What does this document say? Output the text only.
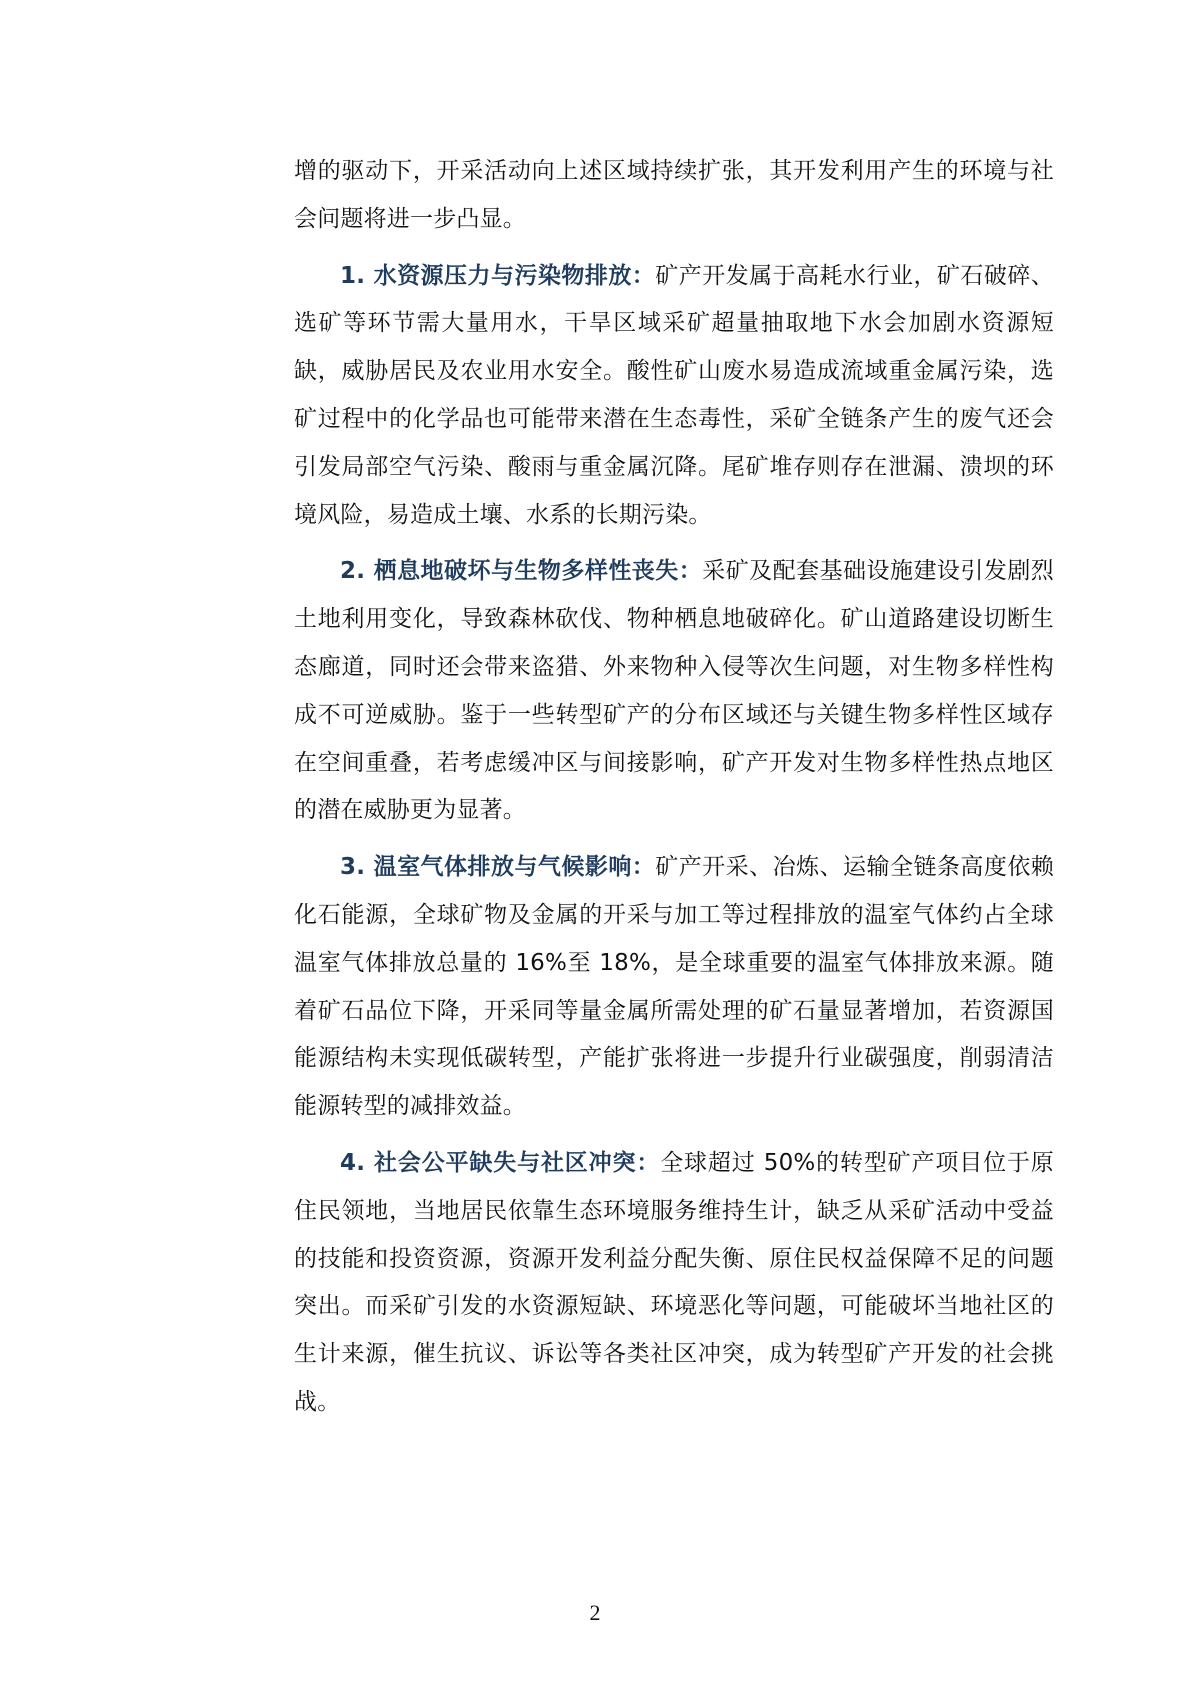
增的驱动下，开采活动向上述区域持续扩张，其开发利用产生的环境与社会问题将进一步凸显。

1. 水资源压力与污染物排放：矿产开发属于高耗水行业，矿石破碎、选矿等环节需大量用水，干旱区域采矿超量抽取地下水会加剧水资源短缺，威胁居民及农业用水安全。酸性矿山废水易造成流域重金属污染，选矿过程中的化学品也可能带来潜在生态毒性，采矿全链条产生的废气还会引发局部空气污染、酸雨与重金属沉降。尾矿堆存则存在泄漏、溃坝的环境风险，易造成土壤、水系的长期污染。

2. 栖息地破坏与生物多样性丧失：采矿及配套基础设施建设引发剧烈土地利用变化，导致森林砍伐、物种栖息地破碎化。矿山道路建设切断生态廊道，同时还会带来盗猎、外来物种入侵等次生问题，对生物多样性构成不可逆威胁。鉴于一些转型矿产的分布区域还与关键生物多样性区域存在空间重叠，若考虑缓冲区与间接影响，矿产开发对生物多样性热点地区的潜在威胁更为显著。

3. 温室气体排放与气候影响：矿产开采、冶炼、运输全链条高度依赖化石能源，全球矿物及金属的开采与加工等过程排放的温室气体约占全球温室气体排放总量的 16%至 18%，是全球重要的温室气体排放来源。随着矿石品位下降，开采同等量金属所需处理的矿石量显著增加，若资源国能源结构未实现低碳转型，产能扩张将进一步提升行业碳强度，削弱清洁能源转型的减排效益。

4. 社会公平缺失与社区冲突：全球超过 50%的转型矿产项目位于原住民领地，当地居民依靠生态环境服务维持生计，缺乏从采矿活动中受益的技能和投资资源，资源开发利益分配失衡、原住民权益保障不足的问题突出。而采矿引发的水资源短缺、环境恶化等问题，可能破坏当地社区的生计来源，催生抗议、诉讼等各类社区冲突，成为转型矿产开发的社会挑战。

2
